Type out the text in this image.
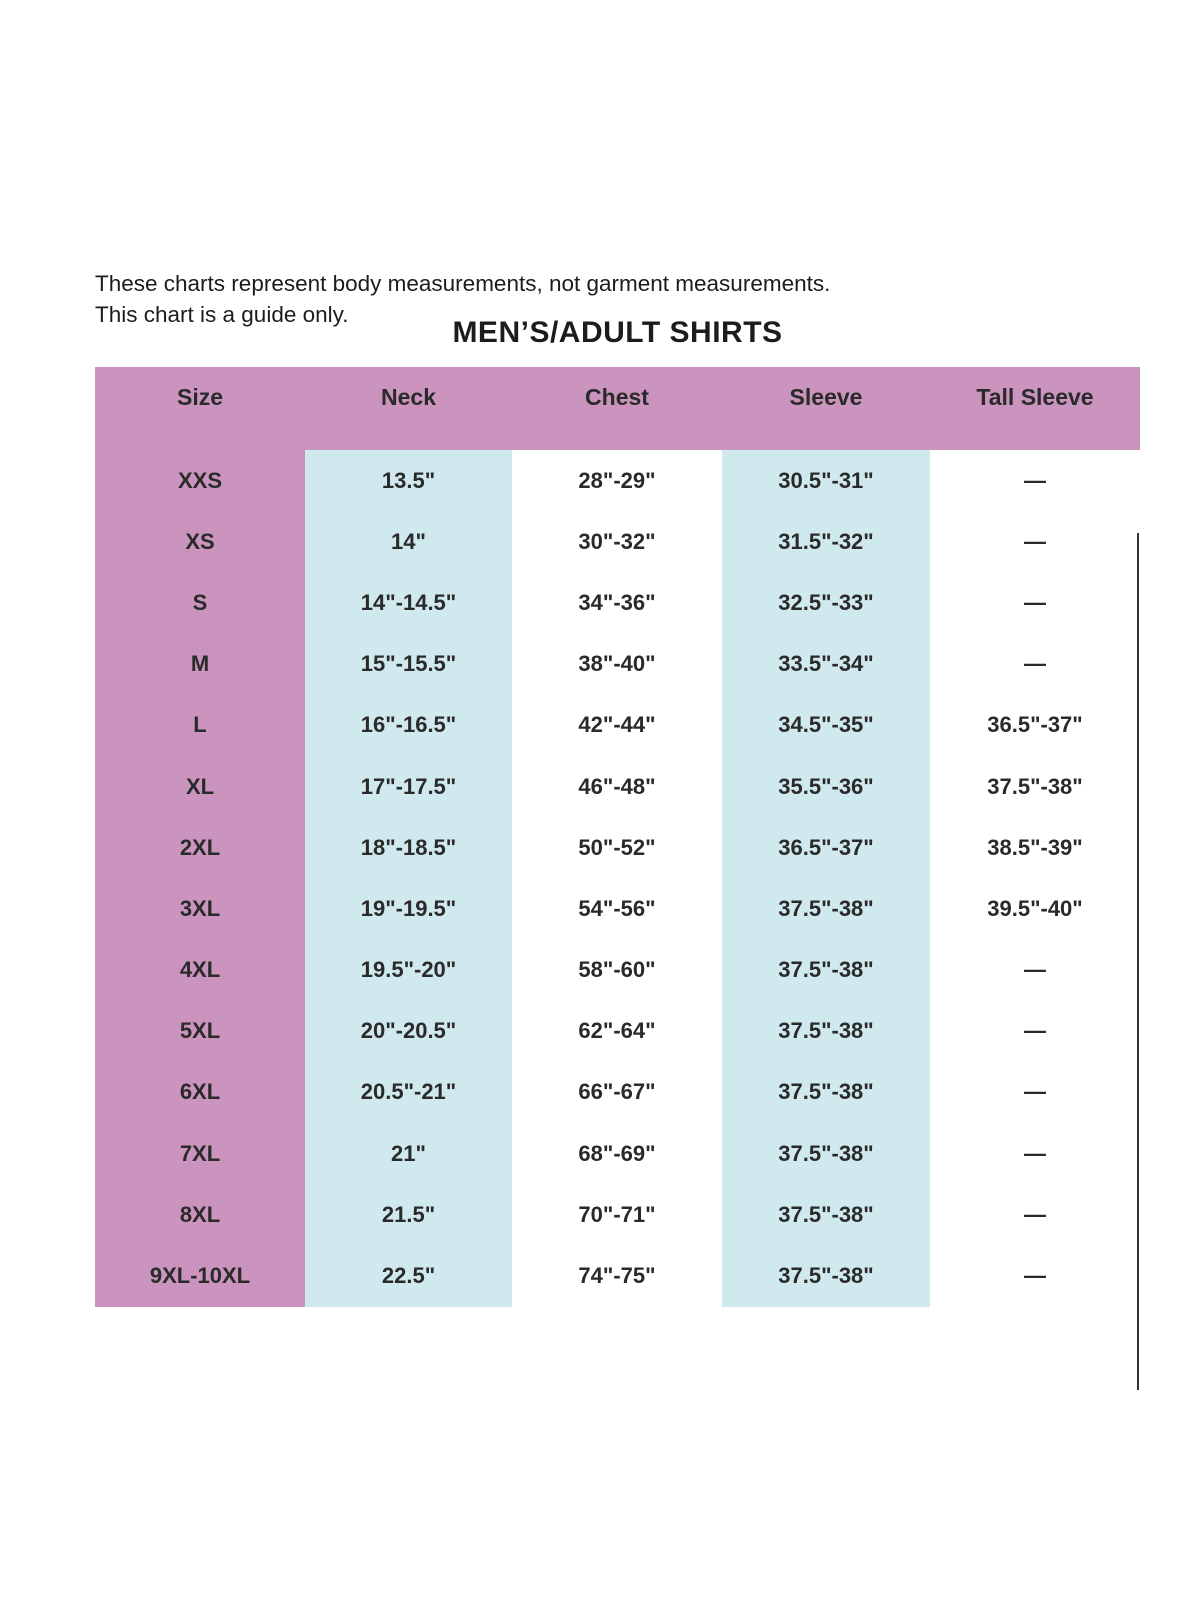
These charts represent body measurements, not garment measurements.
This chart is a guide only.
MEN’S/ADULT SHIRTS
Size	Neck	Chest	Sleeve	Tall Sleeve
XXS	13.5"	28"-29"	30.5"-31"	—
XS	14"	30"-32"	31.5"-32"	—
S	14"-14.5"	34"-36"	32.5"-33"	—
M	15"-15.5"	38"-40"	33.5"-34"	—
L	16"-16.5"	42"-44"	34.5"-35"	36.5"-37"
XL	17"-17.5"	46"-48"	35.5"-36"	37.5"-38"
2XL	18"-18.5"	50"-52"	36.5"-37"	38.5"-39"
3XL	19"-19.5"	54"-56"	37.5"-38"	39.5"-40"
4XL	19.5"-20"	58"-60"	37.5"-38"	—
5XL	20"-20.5"	62"-64"	37.5"-38"	—
6XL	20.5"-21"	66"-67"	37.5"-38"	—
7XL	21"	68"-69"	37.5"-38"	—
8XL	21.5"	70"-71"	37.5"-38"	—
9XL-10XL	22.5"	74"-75"	37.5"-38"	—
